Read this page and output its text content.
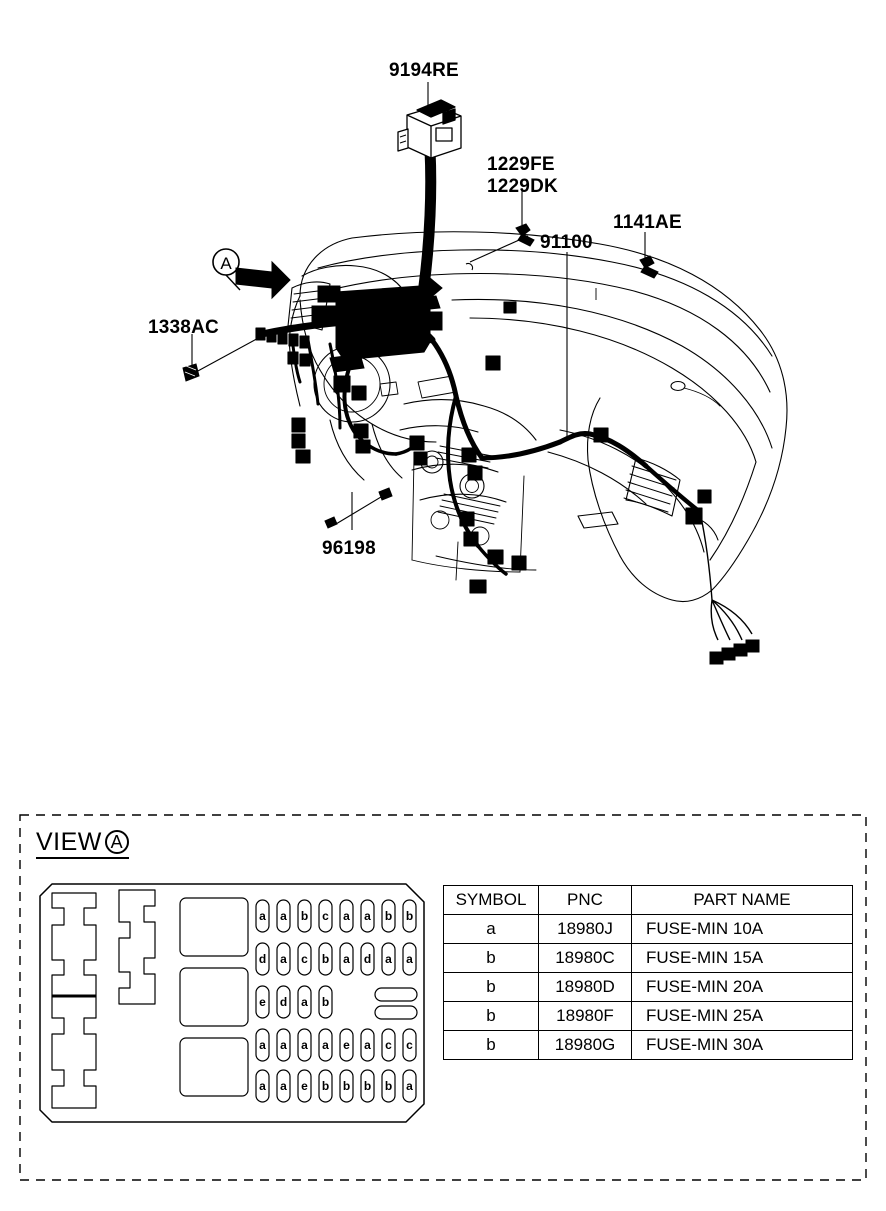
A
9194RE
1229FE
1229DK
1141AE
91100
1338AC
96198
a a b c a a b b
d a c b a d a a
e d a b
a a a a e a c c
a a e b b b b a
VIEW A
SYMBOL	PNC	PART NAME
a	18980J	FUSE-MIN 10A
b	18980C	FUSE-MIN 15A
b	18980D	FUSE-MIN 20A
b	18980F	FUSE-MIN 25A
b	18980G	FUSE-MIN 30A
